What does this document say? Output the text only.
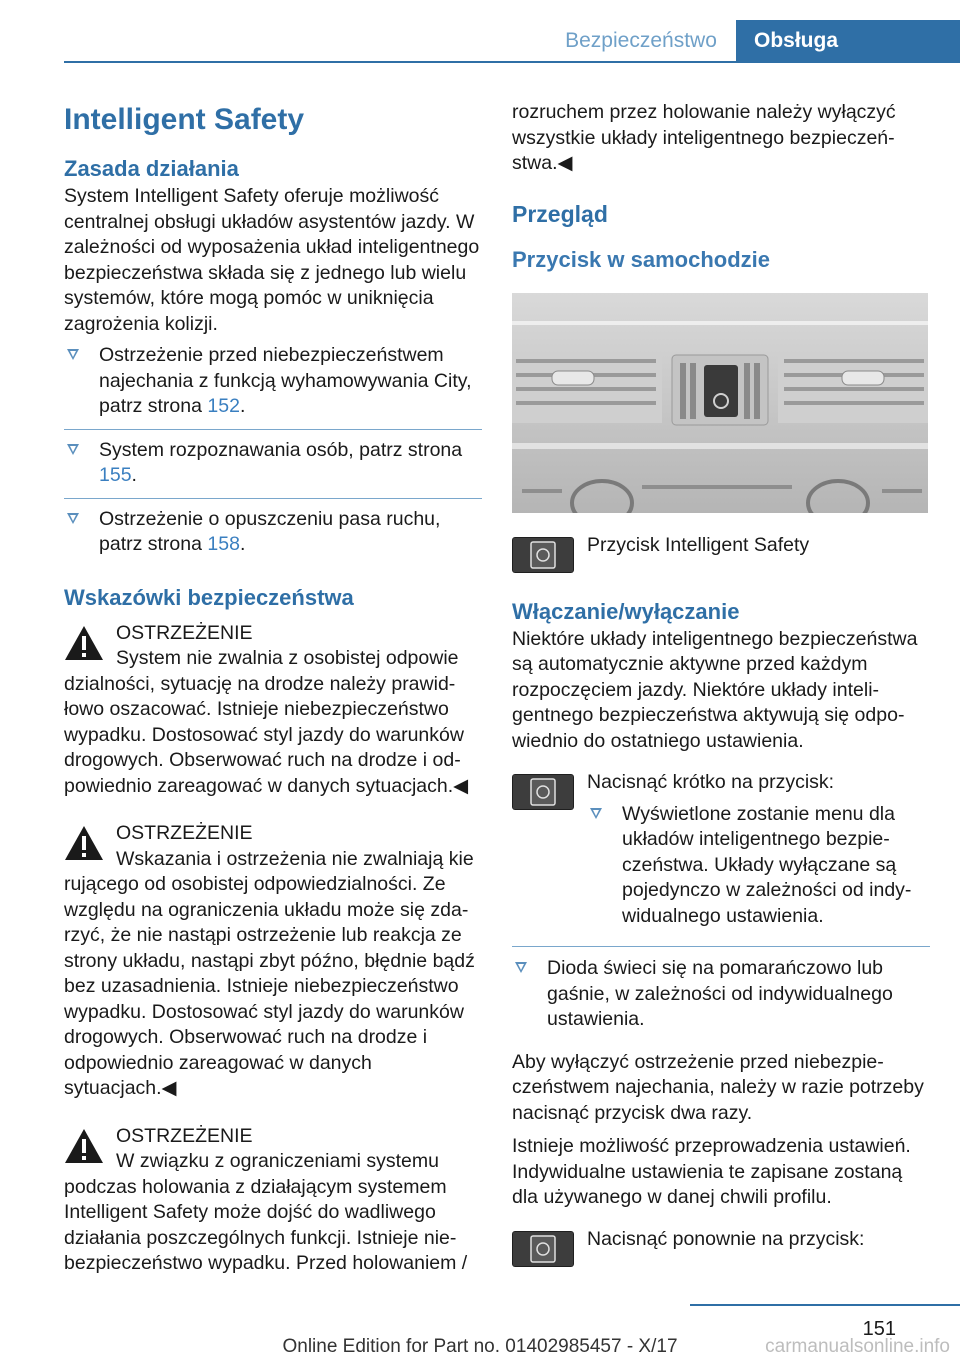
Bezpieczeństwo	Obsługa
Intelligent Safety
Zasada działania

System Intelligent Safety oferuje możliwość centralnej obsługi układów asystentów jazdy. W zależności od wyposażenia układ inteligentnego bezpieczeństwa składa się z jednego lub wielu systemów, które mogą pomóc w uniknięcia zagrożenia kolizji.

Ostrzeżenie przed niebezpieczeństwem najechania z funkcją wyhamowywania City, patrz strona 152.
System rozpoznawania osób, patrz strona 155.
Ostrzeżenie o opuszczeniu pasa ruchu, patrz strona 158.
Wskazówki bezpieczeństwa

OSTRZEŻENIE

System nie zwalnia z osobistej odpowie

dzialności, sytuację na drodze należy prawidłowo oszacować. Istnieje niebezpieczeństwo wypadku. Dostosować styl jazdy do warunków drogowych. Obserwować ruch na drodze i odpowiednio zareagować w danych sytuacjach.◀

OSTRZEŻENIE

Wskazania i ostrzeżenia nie zwalniają kie

rującego od osobistej odpowiedzialności. Ze względu na ograniczenia układu może się zdarzyć, że nie nastąpi ostrzeżenie lub reakcja ze strony układu, nastąpi zbyt późno, błędnie bądź bez uzasadnienia. Istnieje niebezpieczeństwo wypadku. Dostosować styl jazdy do warunków drogowych. Obserwować ruch na drodze i odpowiednio zareagować w danych sytuacjach.◀

OSTRZEŻENIE

W związku z ograniczeniami systemu

podczas holowania z działającym systemem Intelligent Safety może dojść do wadliwego działania poszczególnych funkcji. Istnieje niebezpieczeństwo wypadku. Przed holowaniem /

rozruchem przez holowanie należy wyłączyć wszystkie układy inteligentnego bezpieczeństwa.◀

Przegląd
Przycisk w samochodzie

Przycisk Intelligent Safety

Włączanie/wyłączanie

Niektóre układy inteligentnego bezpieczeństwa są automatycznie aktywne przed każdym rozpoczęciem jazdy. Niektóre układy inteligentnego bezpieczeństwa aktywują się odpowiednio do ostatniego ustawienia.

Nacisnąć krótko na przycisk:

Wyświetlone zostanie menu dla układów inteligentnego bezpieczeństwa. Układy wyłączane są pojedynczo w zależności od indywidualnego ustawienia.
Dioda świeci się na pomarańczowo lub gaśnie, w zależności od indywidualnego ustawienia.

Aby wyłączyć ostrzeżenie przed niebezpieczeństwem najechania, należy w razie potrzeby nacisnąć przycisk dwa razy.

Istnieje możliwość przeprowadzenia ustawień. Indywidualne ustawienia te zapisane zostaną dla używanego w danej chwili profilu.

Nacisnąć ponownie na przycisk:

151
Online Edition for Part no. 01402985457 - X/17	carmanualsonline.info
